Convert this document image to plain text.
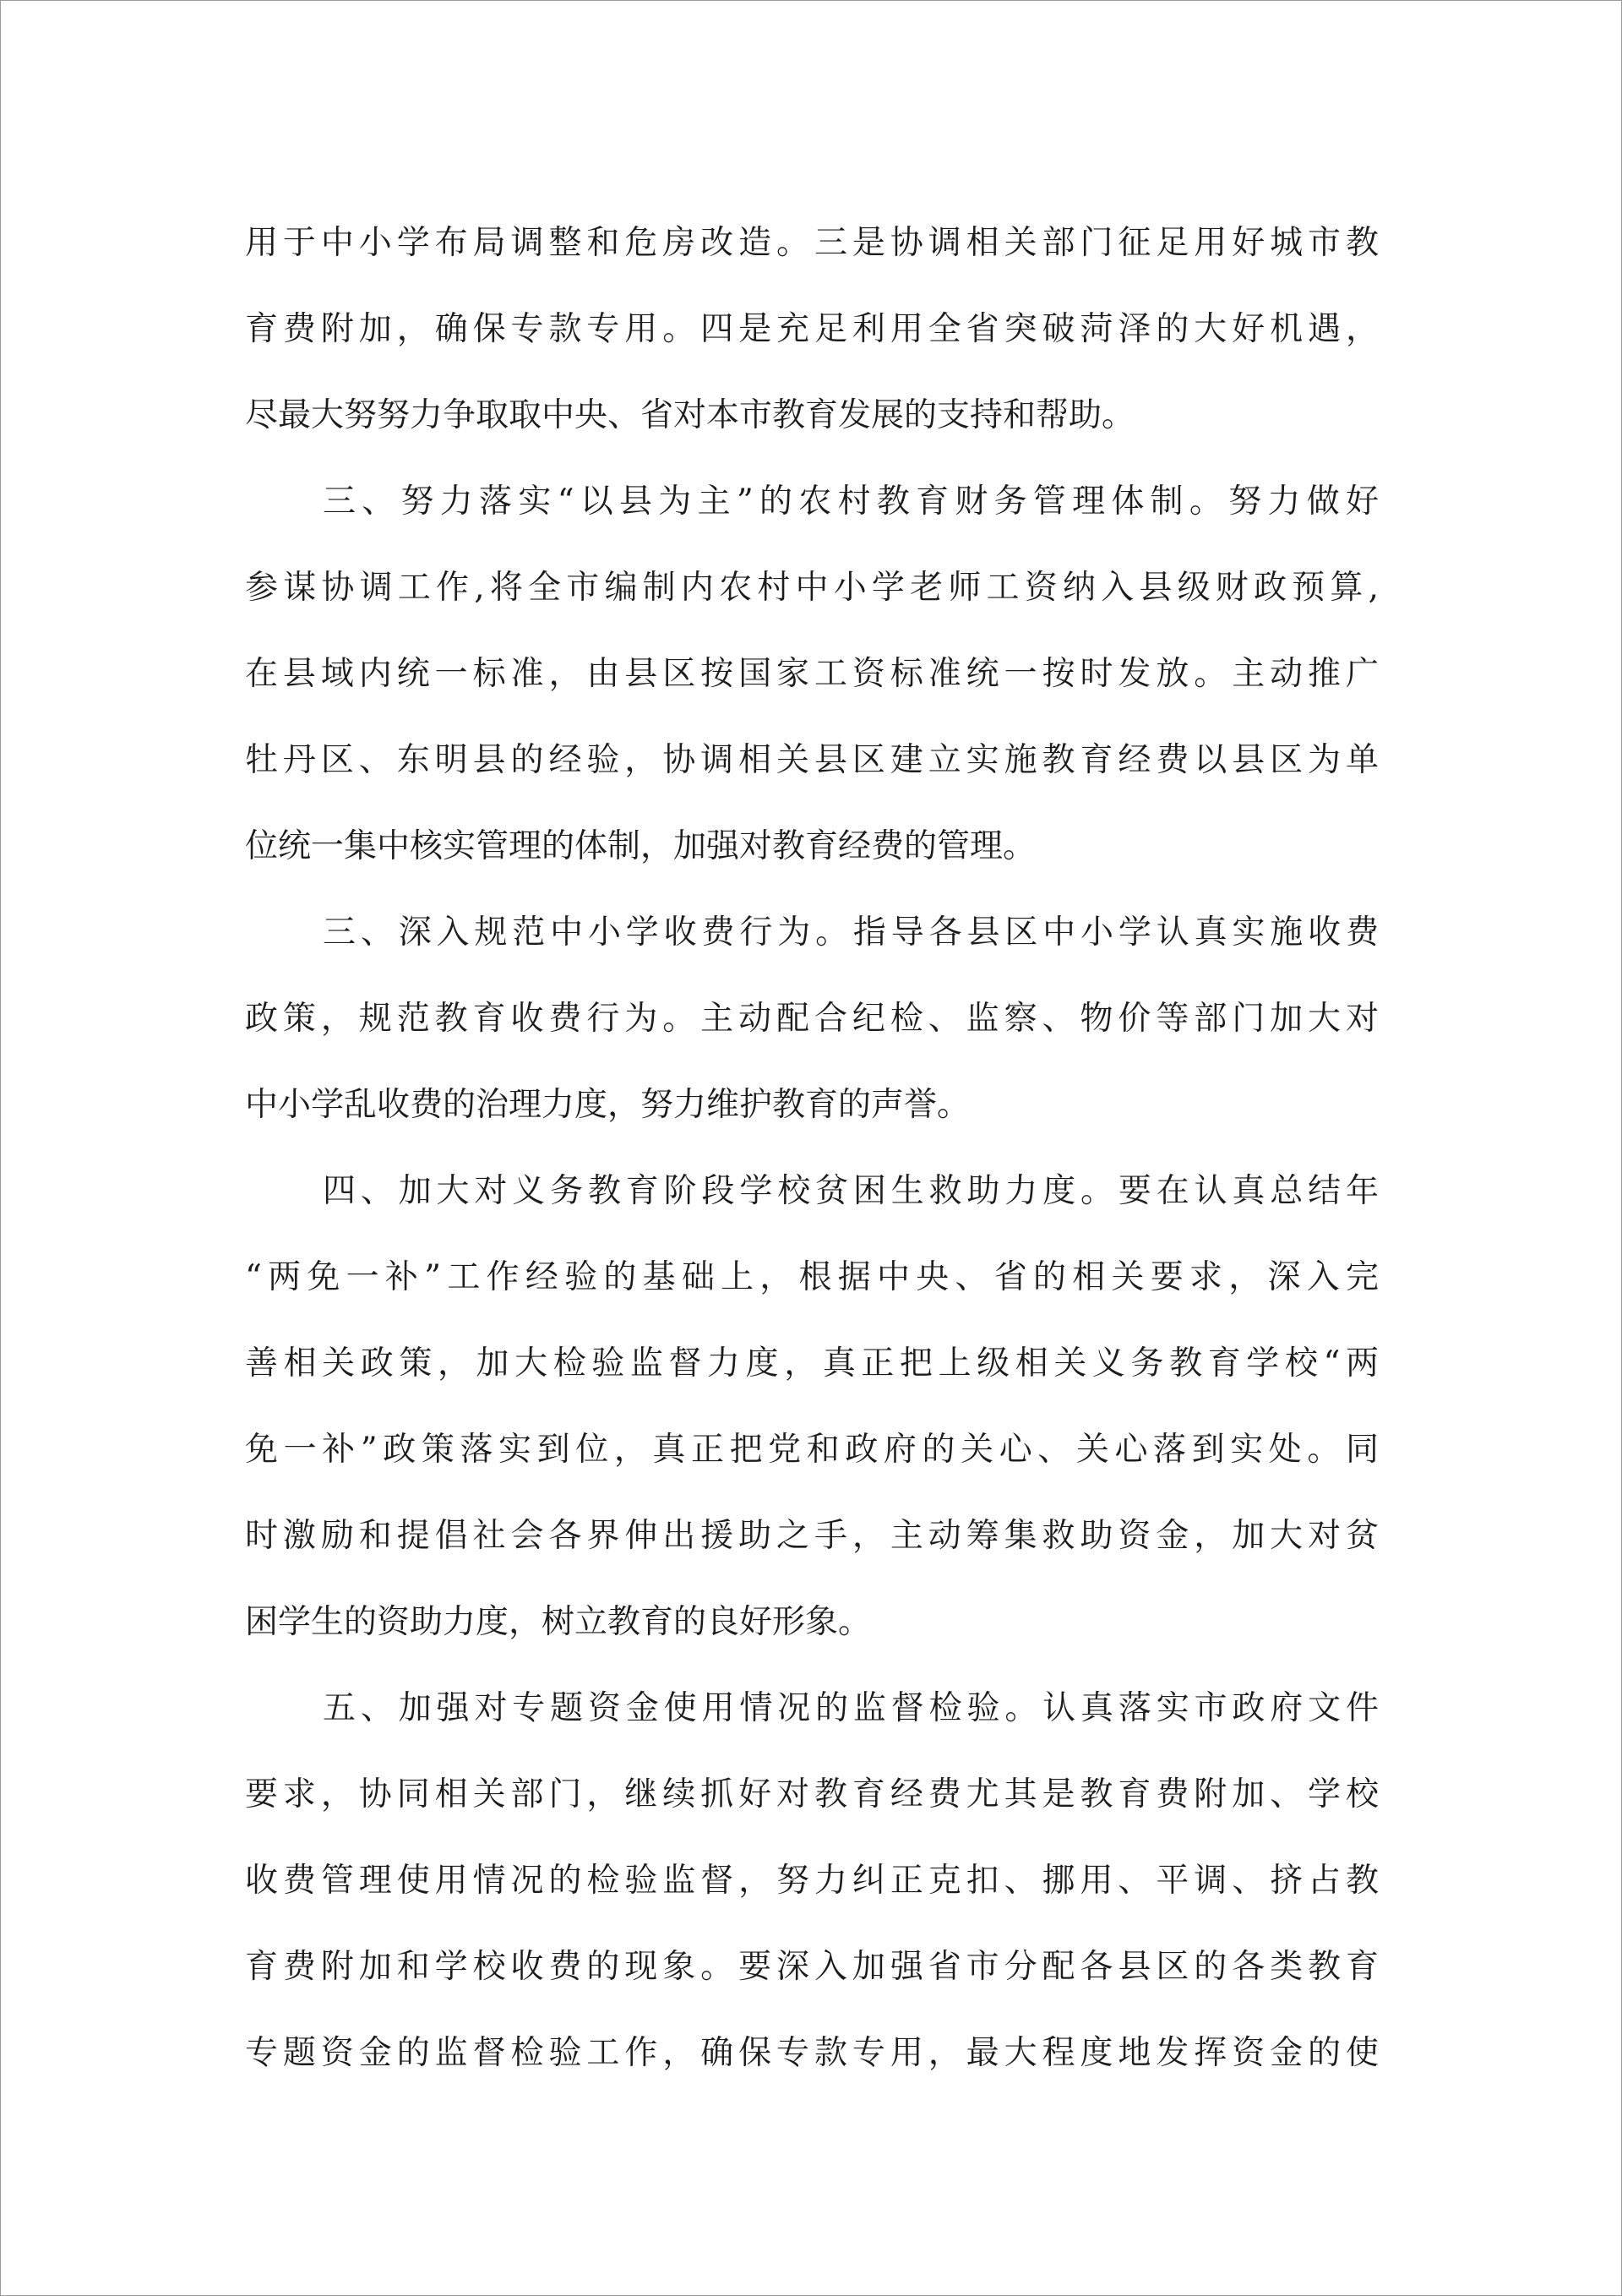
用于中小学布局调整和危房改造。三是协调相关部门征足用好城市教
育费附加，确保专款专用。四是充足利用全省突破菏泽的大好机遇，
尽最大努努力争取取中央、省对本市教育发展的支持和帮助。
三、努力落实“以县为主”的农村教育财务管理体制。努力做好
参谋协调工作,将全市编制内农村中小学老师工资纳入县级财政预算,
在县域内统一标准，由县区按国家工资标准统一按时发放。主动推广
牡丹区、东明县的经验，协调相关县区建立实施教育经费以县区为单
位统一集中核实管理的体制，加强对教育经费的管理。
三、深入规范中小学收费行为。指导各县区中小学认真实施收费
政策，规范教育收费行为。主动配合纪检、监察、物价等部门加大对
中小学乱收费的治理力度，努力维护教育的声誉。
四、加大对义务教育阶段学校贫困生救助力度。要在认真总结年
“两免一补”工作经验的基础上，根据中央、省的相关要求，深入完
善相关政策，加大检验监督力度，真正把上级相关义务教育学校“两
免一补”政策落实到位，真正把党和政府的关心、关心落到实处。同
时激励和提倡社会各界伸出援助之手，主动筹集救助资金，加大对贫
困学生的资助力度，树立教育的良好形象。
五、加强对专题资金使用情况的监督检验。认真落实市政府文件
要求，协同相关部门，继续抓好对教育经费尤其是教育费附加、学校
收费管理使用情况的检验监督，努力纠正克扣、挪用、平调、挤占教
育费附加和学校收费的现象。要深入加强省市分配各县区的各类教育
专题资金的监督检验工作，确保专款专用，最大程度地发挥资金的使
